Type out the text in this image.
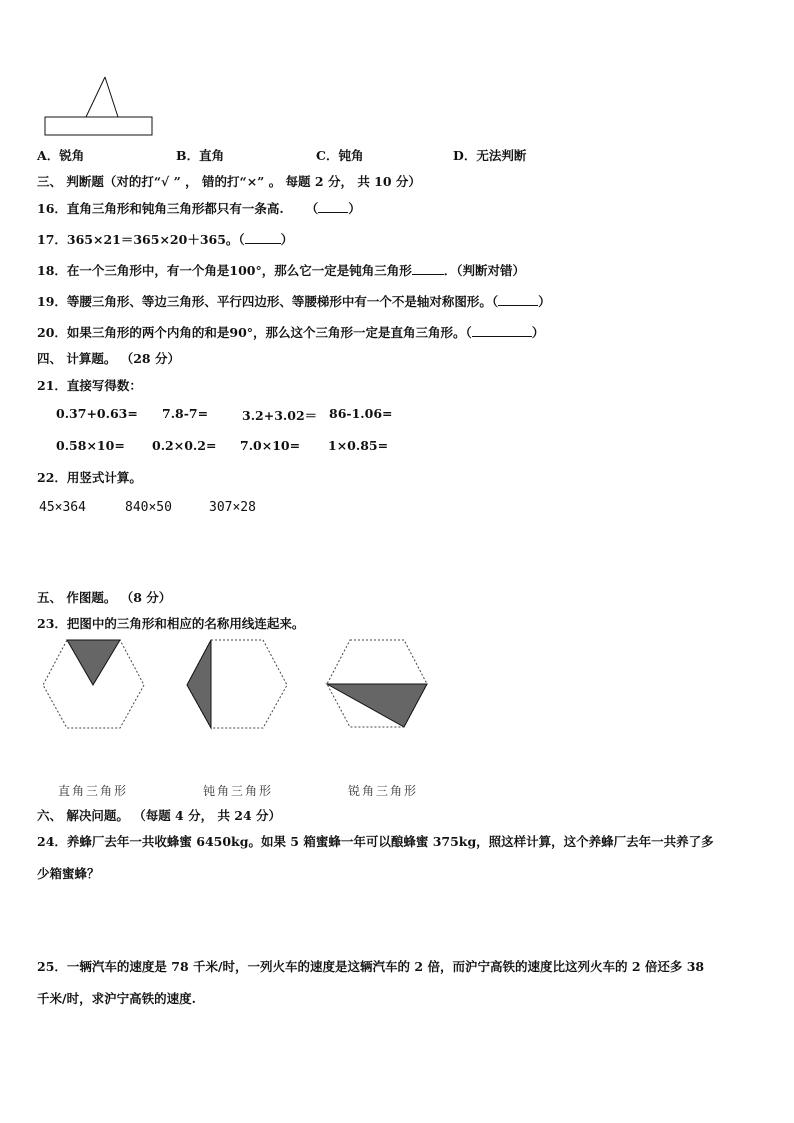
A．锐角	B．直角	C．钝角	D．无法判断
三、 判断题（对的打“√ ” ， 错的打“×” 。 每题 2 分， 共 10 分）
16．直角三角形和钝角三角形都只有一条高. （ ）
17．365×21＝365×20＋365。（	）
18．在一个三角形中，有一个角是100°，那么它一定是钝角三角形	．（判断对错）
19．等腰三角形、等边三角形、平行四边形、等腰梯形中有一个不是轴对称图形。（	）
20．如果三角形的两个内角的和是90°，那么这个三角形一定是直角三角形。（	）
四、 计算题。 （28 分）
21．直接写得数：
0.37+0.63= 7.8-7=	3.2+3.02＝ 86-1.06=
0.58×10= 0.2×0.2= 7.0×10= 1×0.85=
22．用竖式计算。
45×364	840×50	307×28
五、 作图题。 （8 分）
23．把图中的三角形和相应的名称用线连起来。
直角三角形	钝角三角形	锐角三角形
六、 解决问题。 （每题 4 分， 共 24 分）
24．养蜂厂去年一共收蜂蜜 6450kg。如果 5 箱蜜蜂一年可以酿蜂蜜 375kg，照这样计算，这个养蜂厂去年一共养了多
少箱蜜蜂？
25．一辆汽车的速度是 78 千米/时，一列火车的速度是这辆汽车的 2 倍，而沪宁高铁的速度比这列火车的 2 倍还多 38
千米/时，求沪宁高铁的速度.
